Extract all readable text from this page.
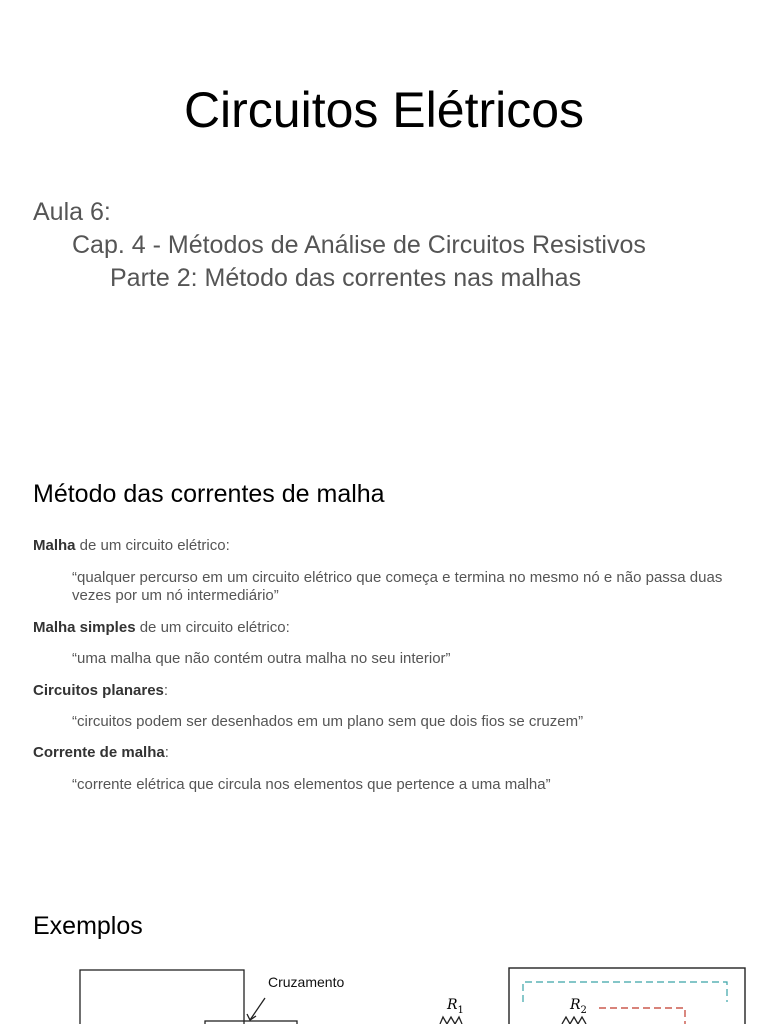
Circuitos Elétricos
Aula 6:
Cap. 4 - Métodos de Análise de Circuitos Resistivos
Parte 2: Método das correntes nas malhas
Método das correntes de malha
Malha de um circuito elétrico:
“qualquer percurso em um circuito elétrico que começa e termina no mesmo nó e não passa duas vezes por um nó intermediário”
Malha simples de um circuito elétrico:
“uma malha que não contém outra malha no seu interior”
Circuitos planares:
“circuitos podem ser desenhados em um plano sem que dois fios se cruzem”
Corrente de malha:
“corrente elétrica que circula nos elementos que pertence a uma malha”
Exemplos
Cruzamento
$R_1$	$R_2$
